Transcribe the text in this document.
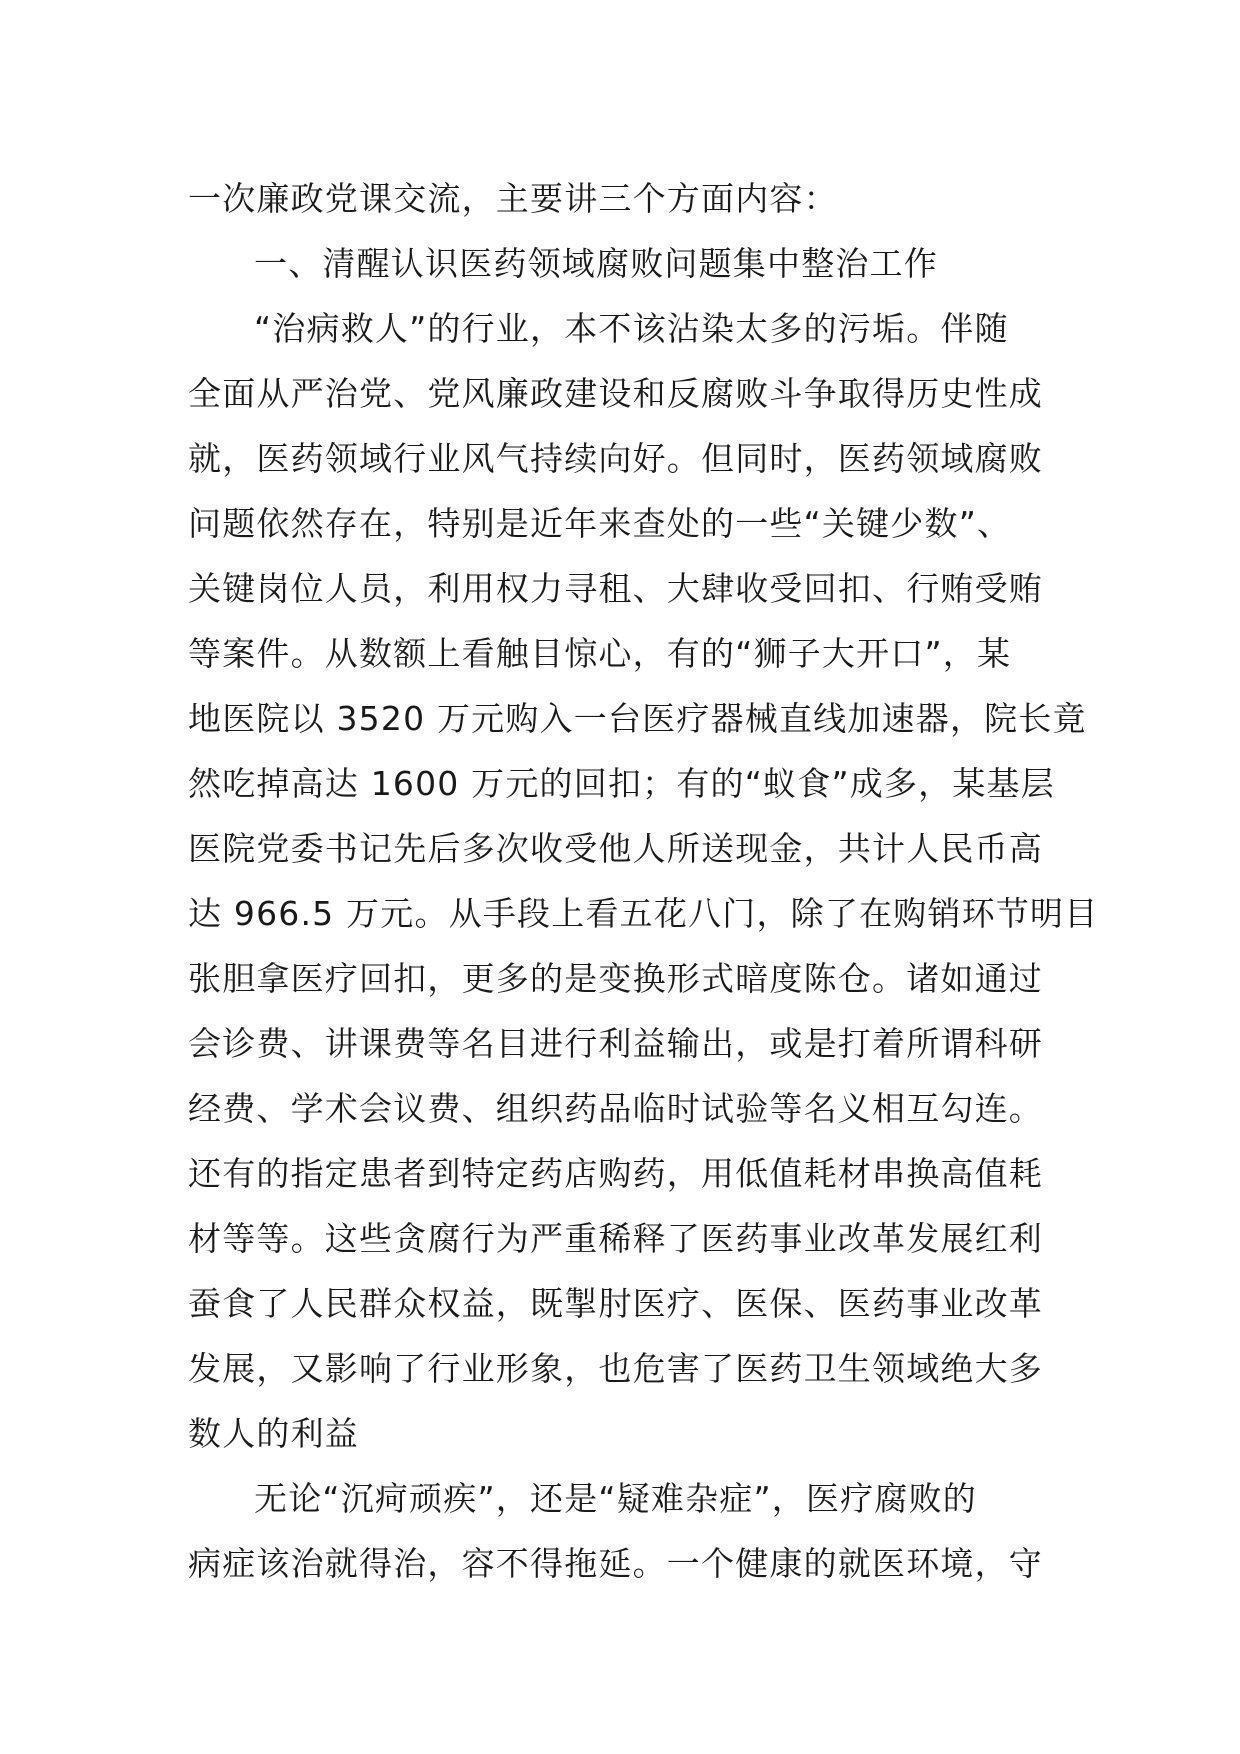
一次廉政党课交流，主要讲三个方面内容：
一、清醒认识医药领域腐败问题集中整治工作
“治病救人”的行业，本不该沾染太多的污垢。伴随
全面从严治党、党风廉政建设和反腐败斗争取得历史性成
就，医药领域行业风气持续向好。但同时，医药领域腐败
问题依然存在，特别是近年来查处的一些“关键少数”、
关键岗位人员，利用权力寻租、大肆收受回扣、行贿受贿
等案件。从数额上看触目惊心，有的“狮子大开口”，某
地医院以 3520 万元购入一台医疗器械直线加速器，院长竟
然吃掉高达 1600 万元的回扣；有的“蚁食”成多，某基层
医院党委书记先后多次收受他人所送现金，共计人民币高
达 966.5 万元。从手段上看五花八门，除了在购销环节明目
张胆拿医疗回扣，更多的是变换形式暗度陈仓。诸如通过
会诊费、讲课费等名目进行利益输出，或是打着所谓科研
经费、学术会议费、组织药品临时试验等名义相互勾连。
还有的指定患者到特定药店购药，用低值耗材串换高值耗
材等等。这些贪腐行为严重稀释了医药事业改革发展红利
蚕食了人民群众权益，既掣肘医疗、医保、医药事业改革
发展，又影响了行业形象，也危害了医药卫生领域绝大多
数人的利益
无论“沉疴顽疾”，还是“疑难杂症”，医疗腐败的
病症该治就得治，容不得拖延。一个健康的就医环境，守
